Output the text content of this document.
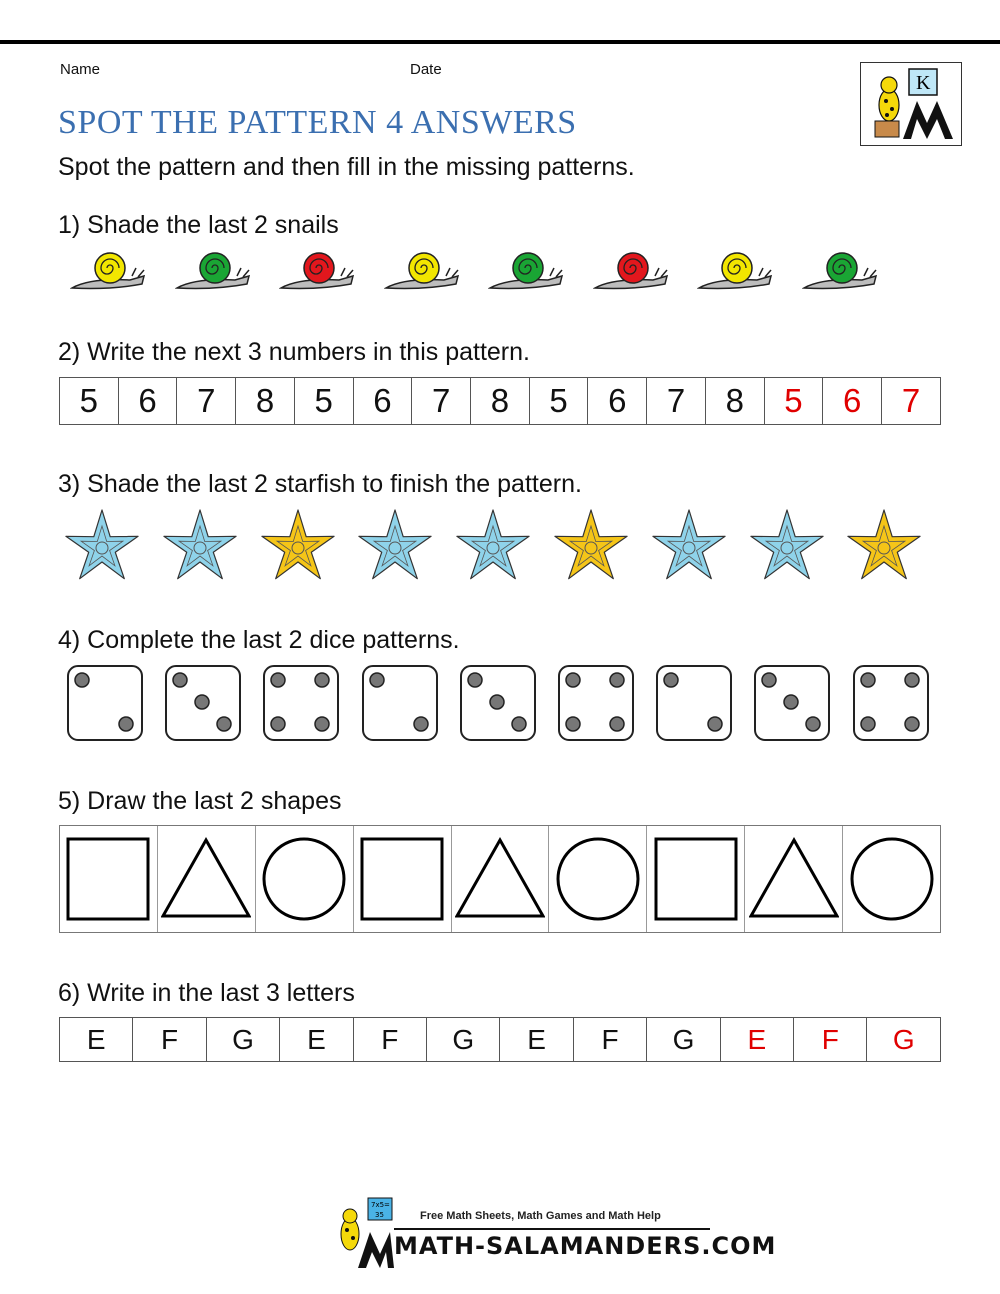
Name	Date
SPOT THE PATTERN 4 ANSWERS
K
Spot the pattern and then fill in the missing patterns.
1) Shade the last 2 snails
2) Write the next 3 numbers in this pattern.
5	6	7	8	5	6	7	8	5	6	7	8	5	6	7
3) Shade the last 2 starfish to finish the pattern.
4) Complete the last 2 dice patterns.
5) Draw the last 2 shapes
6) Write in the last 3 letters
E	F	G	E	F	G	E	F	G	E	F	G
7x5=
35	Free Math Sheets, Math Games and Math Help
MATH-SALAMANDERS.COM
